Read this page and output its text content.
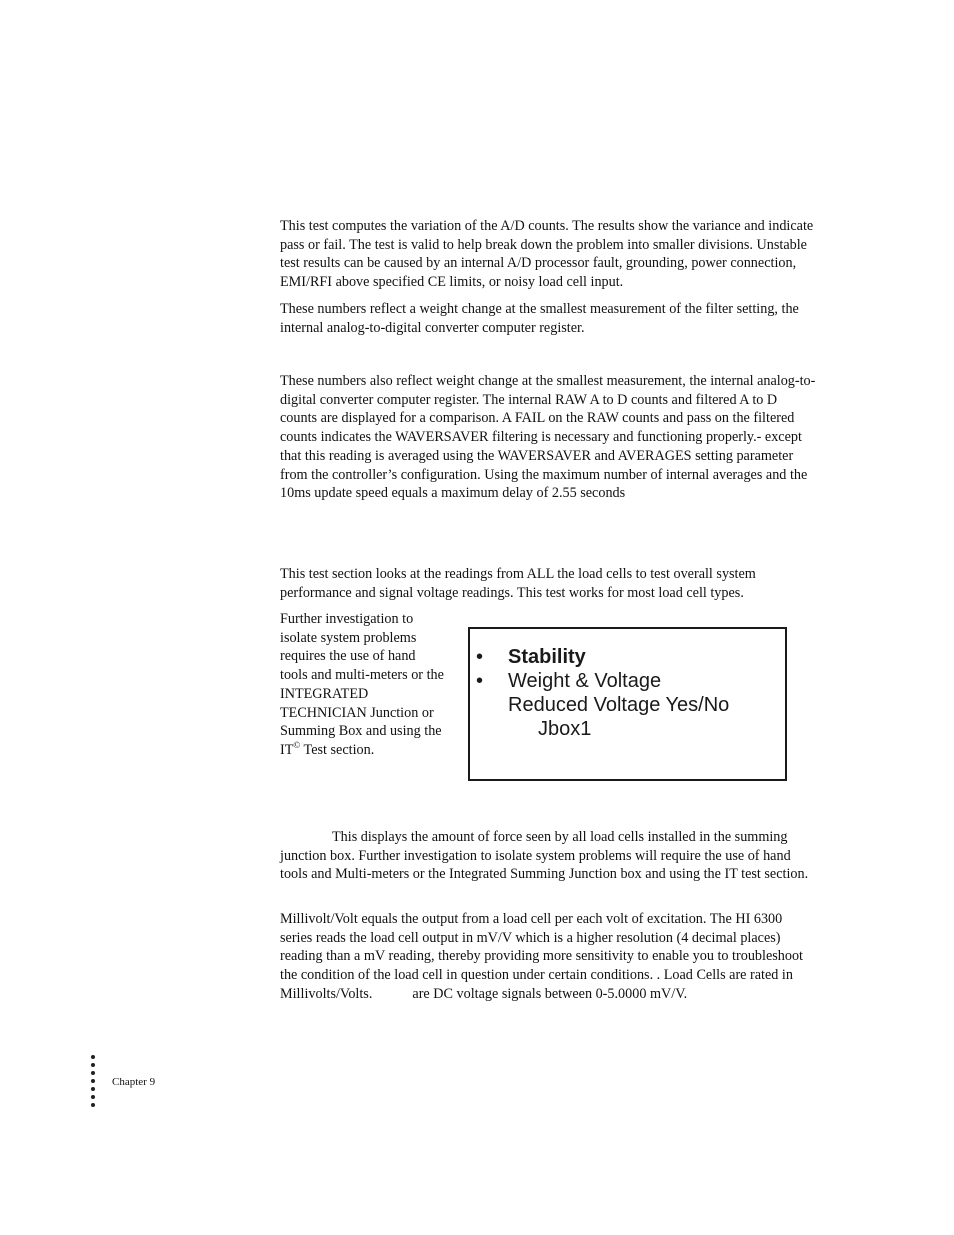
This test computes the variation of the A/D counts. The results show the variance and indicate pass or fail. The test is valid to help break down the problem into smaller divisions. Unstable test results can be caused by an internal A/D processor fault, grounding, power connection, EMI/RFI above specified CE limits, or noisy load cell input.

These numbers reflect a weight change at the smallest measurement of the filter setting, the internal analog-to-digital converter computer register.

These numbers also reflect weight change at the smallest measurement, the internal analog-to-digital converter computer register. The internal RAW A to D counts and filtered A to D counts are displayed for a comparison. A FAIL on the RAW counts and pass on the filtered counts indicates the WAVERSAVER filtering is necessary and functioning properly.- except that this reading is averaged using the WAVERSAVER and AVERAGES setting parameter from the controller’s configuration. Using the maximum number of internal averages and the 10ms update speed equals a maximum delay of 2.55 seconds

This test section looks at the readings from ALL the load cells to test overall system performance and signal voltage readings. This test works for most load cell types.

Further investigation to isolate system problems requires the use of hand tools and multi-meters or the INTEGRATED TECHNICIAN Junction or Summing Box and using the IT© Test section.

• Stability
• Weight & Voltage
Reduced Voltage Yes/No
Jbox1

This displays the amount of force seen by all load cells installed in the summing junction box. Further investigation to isolate system problems will require the use of hand tools and Multi-meters or the Integrated Summing Junction box and using the IT test section.

Millivolt/Volt equals the output from a load cell per each volt of excitation. The HI 6300 series reads the load cell output in mV/V which is a higher resolution (4 decimal places) reading than a mV reading, thereby providing more sensitivity to enable you to troubleshoot the condition of the load cell in question under certain conditions. . Load Cells are rated in Millivolts/Volts.	are DC voltage signals between 0-5.0000 mV/V.

Chapter 9
